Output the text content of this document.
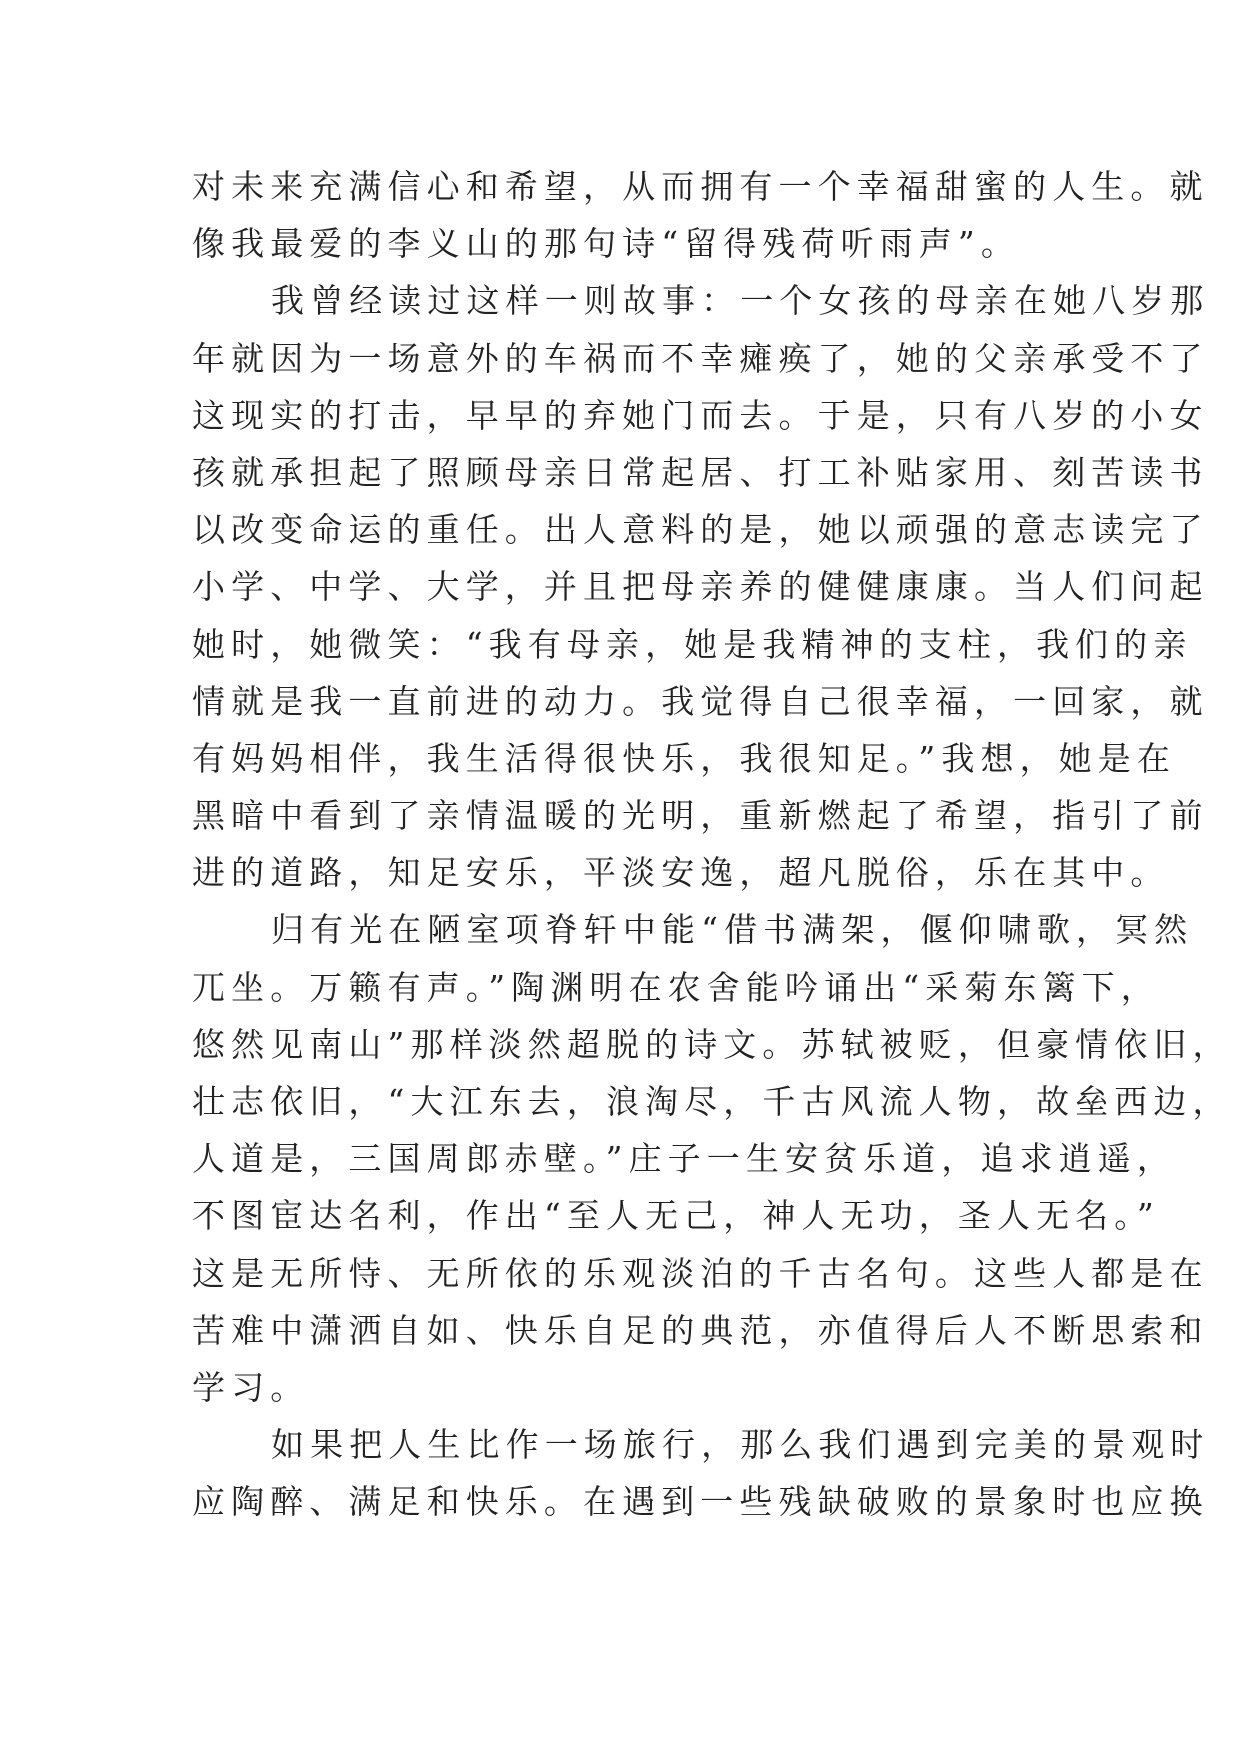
对未来充满信心和希望，从而拥有一个幸福甜蜜的人生。就
像我最爱的李义山的那句诗“留得残荷听雨声”。
我曾经读过这样一则故事：一个女孩的母亲在她八岁那
年就因为一场意外的车祸而不幸瘫痪了，她的父亲承受不了
这现实的打击，早早的弃她门而去。于是，只有八岁的小女
孩就承担起了照顾母亲日常起居、打工补贴家用、刻苦读书
以改变命运的重任。出人意料的是，她以顽强的意志读完了
小学、中学、大学，并且把母亲养的健健康康。当人们问起
她时，她微笑：“我有母亲，她是我精神的支柱，我们的亲
情就是我一直前进的动力。我觉得自己很幸福，一回家，就
有妈妈相伴，我生活得很快乐，我很知足。”我想，她是在
黑暗中看到了亲情温暖的光明，重新燃起了希望，指引了前
进的道路，知足安乐，平淡安逸，超凡脱俗，乐在其中。
归有光在陋室项脊轩中能“借书满架，偃仰啸歌，冥然
兀坐。万籁有声。”陶渊明在农舍能吟诵出“采菊东篱下，
悠然见南山”那样淡然超脱的诗文。苏轼被贬，但豪情依旧，
壮志依旧，“大江东去，浪淘尽，千古风流人物，故垒西边，
人道是，三国周郎赤壁。”庄子一生安贫乐道，追求逍遥，
不图宦达名利，作出“至人无己，神人无功，圣人无名。”
这是无所恃、无所依的乐观淡泊的千古名句。这些人都是在
苦难中潇洒自如、快乐自足的典范，亦值得后人不断思索和
学习。
如果把人生比作一场旅行，那么我们遇到完美的景观时
应陶醉、满足和快乐。在遇到一些残缺破败的景象时也应换
